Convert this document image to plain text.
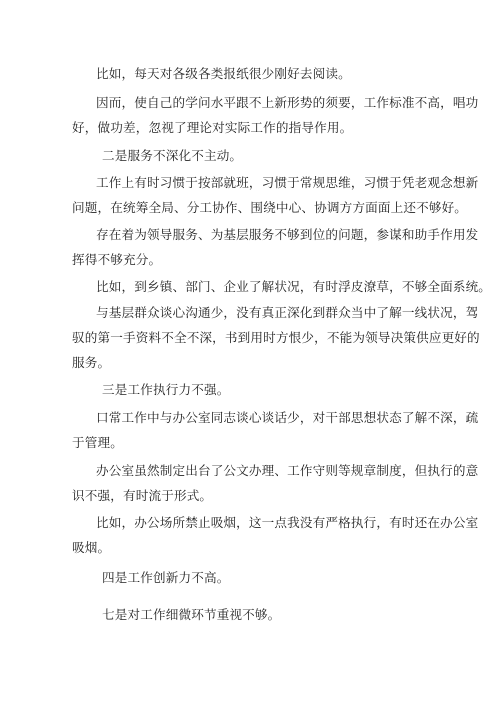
比如，每天对各级各类报纸很少刚好去阅读。

因而，使自己的学问水平跟不上新形势的须要，工作标准不高，唱功
好，做功差，忽视了理论对实际工作的指导作用。

二是服务不深化不主动。

工作上有时习惯于按部就班，习惯于常规思维，习惯于凭老观念想新
问题，在统筹全局、分工协作、围绕中心、协调方方面面上还不够好。

存在着为领导服务、为基层服务不够到位的问题，参谋和助手作用发
挥得不够充分。

比如，到乡镇、部门、企业了解状况，有时浮皮潦草，不够全面系统。

与基层群众谈心沟通少，没有真正深化到群众当中了解一线状况，驾
驭的第一手资料不全不深，书到用时方恨少，不能为领导决策供应更好的
服务。

三是工作执行力不强。

口常工作中与办公室同志谈心谈话少，对干部思想状态了解不深，疏
于管理。

办公室虽然制定出台了公文办理、工作守则等规章制度，但执行的意
识不强，有时流于形式。

比如，办公场所禁止吸烟，这一点我没有严格执行，有时还在办公室
吸烟。

四是工作创新力不高。

七是对工作细微环节重视不够。
